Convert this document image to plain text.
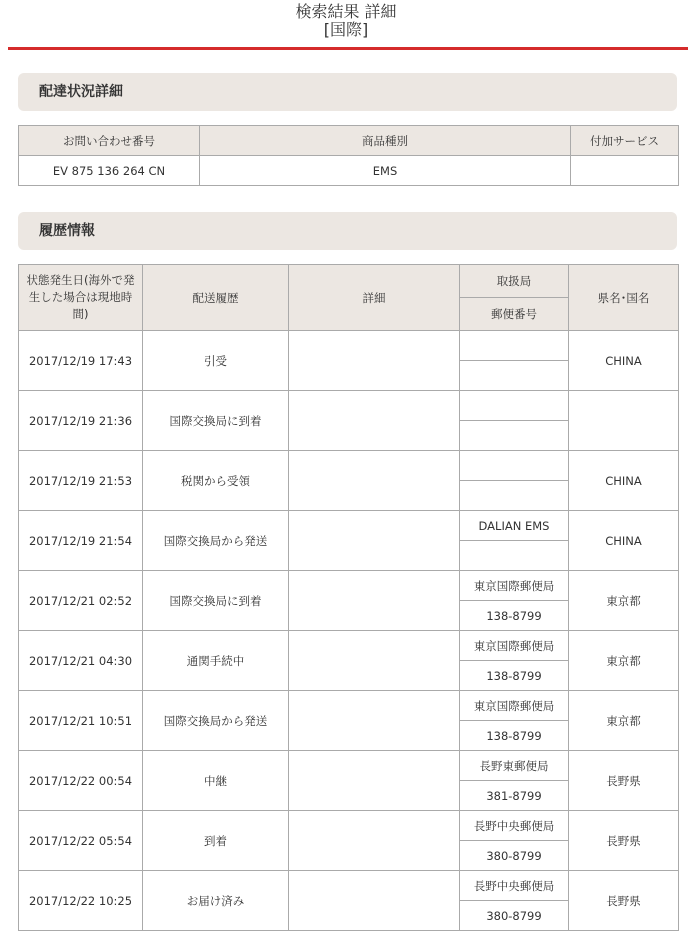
検索結果 詳細
[国際]
配達状況詳細
お問い合わせ番号	商品種別	付加サービス
EV 875 136 264 CN	EMS	
履歴情報
状態発生日(海外で発生した場合は現地時間)	配送履歴	詳細	取扱局	県名･国名
			郵便番号	
2017/12/19 17:43	引受			CHINA

2017/12/19 21:36	国際交換局に到着			

2017/12/19 21:53	税関から受領			CHINA

2017/12/19 21:54	国際交換局から発送		DALIAN EMS	CHINA

2017/12/21 02:52	国際交換局に到着		東京国際郵便局	東京都
			138-8799	
2017/12/21 04:30	通関手続中		東京国際郵便局	東京都
			138-8799	
2017/12/21 10:51	国際交換局から発送		東京国際郵便局	東京都
			138-8799	
2017/12/22 00:54	中継		長野東郵便局	長野県
			381-8799	
2017/12/22 05:54	到着		長野中央郵便局	長野県
			380-8799	
2017/12/22 10:25	お届け済み		長野中央郵便局	長野県
			380-8799	
